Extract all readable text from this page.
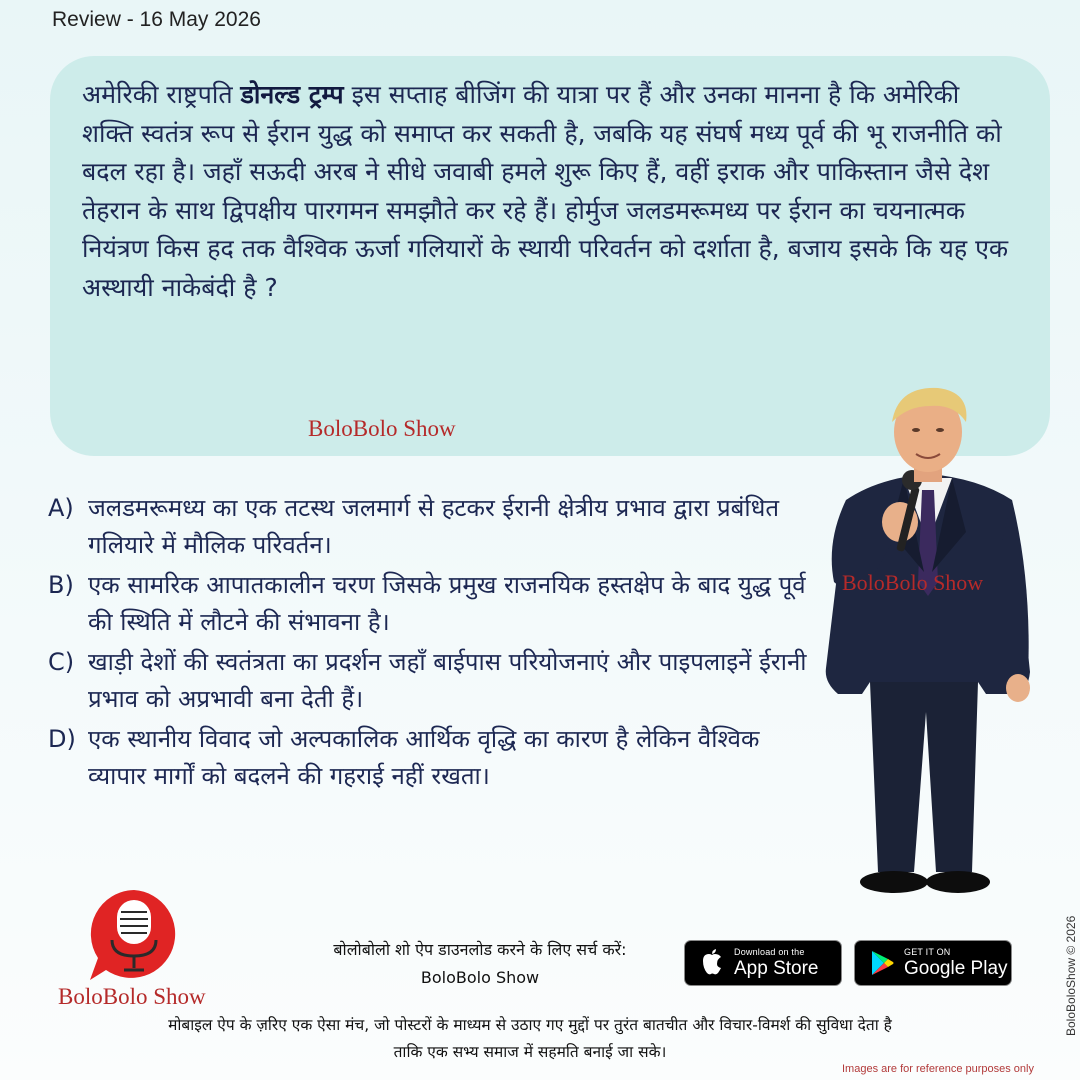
Review - 16 May 2026

अमेरिकी राष्ट्रपति डोनल्ड ट्रम्प इस सप्ताह बीजिंग की यात्रा पर हैं और उनका मानना है कि अमेरिकी शक्ति स्वतंत्र रूप से ईरान युद्ध को समाप्त कर सकती है, जबकि यह संघर्ष मध्य पूर्व की भू राजनीति को बदल रहा है। जहाँ सऊदी अरब ने सीधे जवाबी हमले शुरू किए हैं, वहीं इराक और पाकिस्तान जैसे देश तेहरान के साथ द्विपक्षीय पारगमन समझौते कर रहे हैं। होर्मुज जलडमरूमध्य पर ईरान का चयनात्मक नियंत्रण किस हद तक वैश्विक ऊर्जा गलियारों के स्थायी परिवर्तन को दर्शाता है, बजाय इसके कि यह एक अस्थायी नाकेबंदी है ?

BoloBolo Show
A) जलडमरूमध्य का एक तटस्थ जलमार्ग से हटकर ईरानी क्षेत्रीय प्रभाव द्वारा प्रबंधित गलियारे में मौलिक परिवर्तन।
B) एक सामरिक आपातकालीन चरण जिसके प्रमुख राजनयिक हस्तक्षेप के बाद युद्ध पूर्व की स्थिति में लौटने की संभावना है।
C) खाड़ी देशों की स्वतंत्रता का प्रदर्शन जहाँ बाईपास परियोजनाएं और पाइपलाइनें ईरानी प्रभाव को अप्रभावी बना देती हैं।
D) एक स्थानीय विवाद जो अल्पकालिक आर्थिक वृद्धि का कारण है लेकिन वैश्विक व्यापार मार्गों को बदलने की गहराई नहीं रखता।
BoloBolo Show
BoloBolo Show
बोलोबोलो शो ऐप डाउनलोड करने के लिए सर्च करें:
BoloBolo Show
Download on the
App Store
GET IT ON
Google Play
मोबाइल ऐप के ज़रिए एक ऐसा मंच, जो पोस्टरों के माध्यम से उठाए गए मुद्दों पर तुरंत बातचीत और विचार-विमर्श की सुविधा देता है
ताकि एक सभ्य समाज में सहमति बनाई जा सके।
Images are for reference purposes only
BoloBoloShow © 2026
